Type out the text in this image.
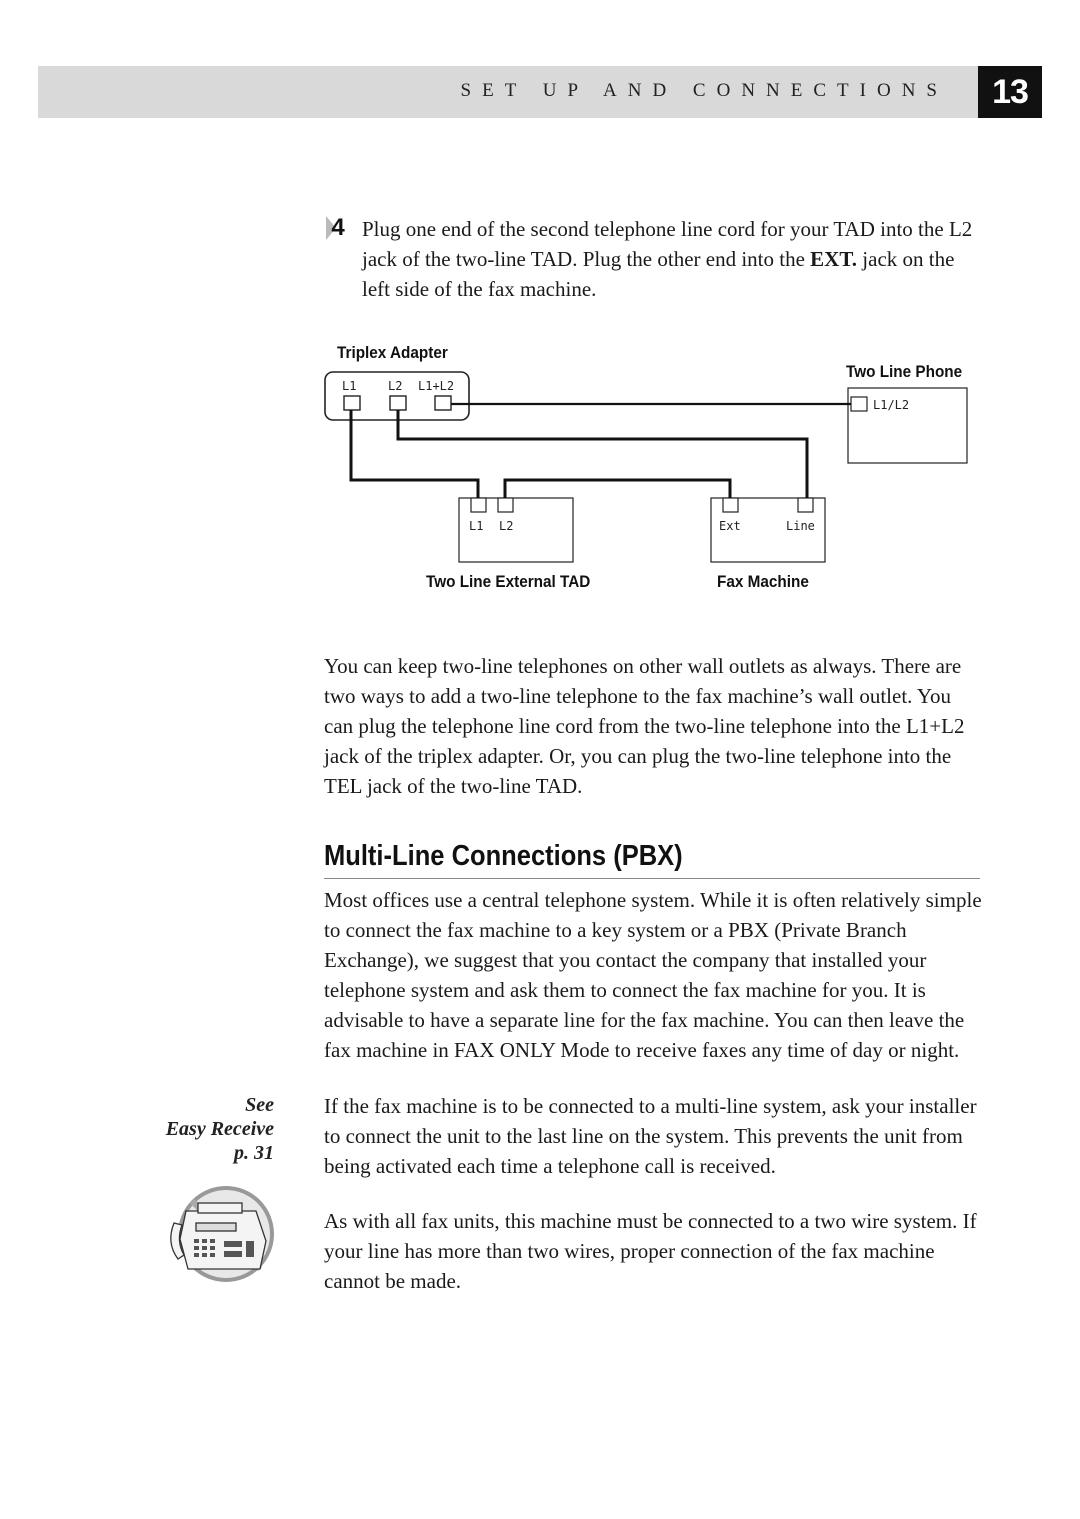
SET UP AND CONNECTIONS	13
4 Plug one end of the second telephone line cord for your TAD into the L2 jack of the two-line TAD. Plug the other end into the EXT. jack on the left side of the fax machine.
Triplex Adapter
Two Line Phone
Two Line External TAD	Fax Machine
L1	L2 L1+L2
L1/L2
L1 L2	Ext	Line
You can keep two-line telephones on other wall outlets as always. There are two ways to add a two-line telephone to the fax machine’s wall outlet. You can plug the telephone line cord from the two-line telephone into the L1+L2 jack of the triplex adapter. Or, you can plug the two-line telephone into the TEL jack of the two-line TAD.
Multi-Line Connections (PBX)
Most offices use a central telephone system. While it is often relatively simple to connect the fax machine to a key system or a PBX (Private Branch Exchange), we suggest that you contact the company that installed your telephone system and ask them to connect the fax machine for you. It is advisable to have a separate line for the fax machine. You can then leave the fax machine in FAX ONLY Mode to receive faxes any time of day or night.
If the fax machine is to be connected to a multi-line system, ask your installer to connect the unit to the last line on the system. This prevents the unit from being activated each time a telephone call is received.
As with all fax units, this machine must be connected to a two wire system. If your line has more than two wires, proper connection of the fax machine cannot be made.
See
Easy Receive
p. 31
